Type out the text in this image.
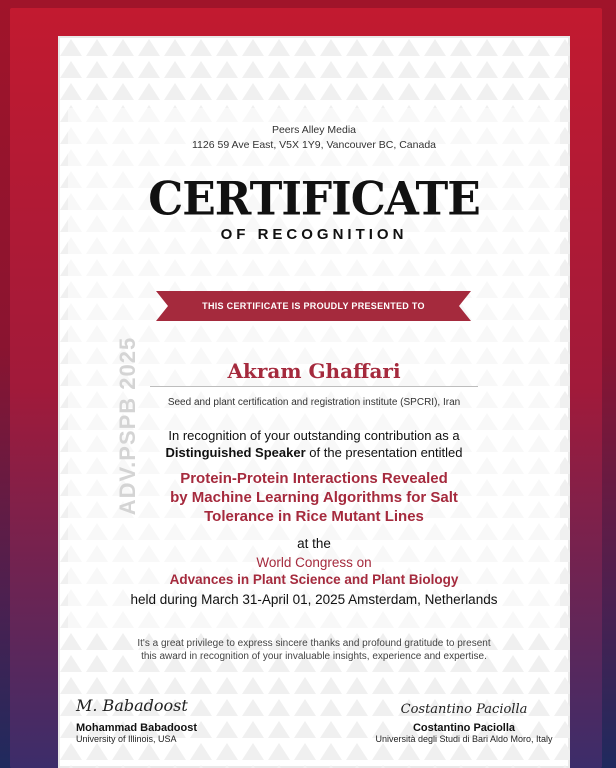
Peers Alley Media
1126 59 Ave East, V5X 1Y9, Vancouver BC, Canada
CERTIFICATE
OF RECOGNITION
THIS CERTIFICATE IS PROUDLY PRESENTED TO
ADV.PSPB 2025	Akram Ghaffari
Seed and plant certification and registration institute (SPCRI), Iran
In recognition of your outstanding contribution as a
Distinguished Speaker of the presentation entitled
Protein-Protein Interactions Revealed
by Machine Learning Algorithms for Salt
Tolerance in Rice Mutant Lines
at the
World Congress on
Advances in Plant Science and Plant Biology
held during March 31-April 01, 2025 Amsterdam, Netherlands
It's a great privilege to express sincere thanks and profound gratitude to present
this award in recognition of your invaluable insights, experience and expertise.
M. Babadoost
Mohammad Babadoost
University of Illinois, USA
Costantino Paciolla
Costantino Paciolla
Università degli Studi di Bari Aldo Moro, Italy
